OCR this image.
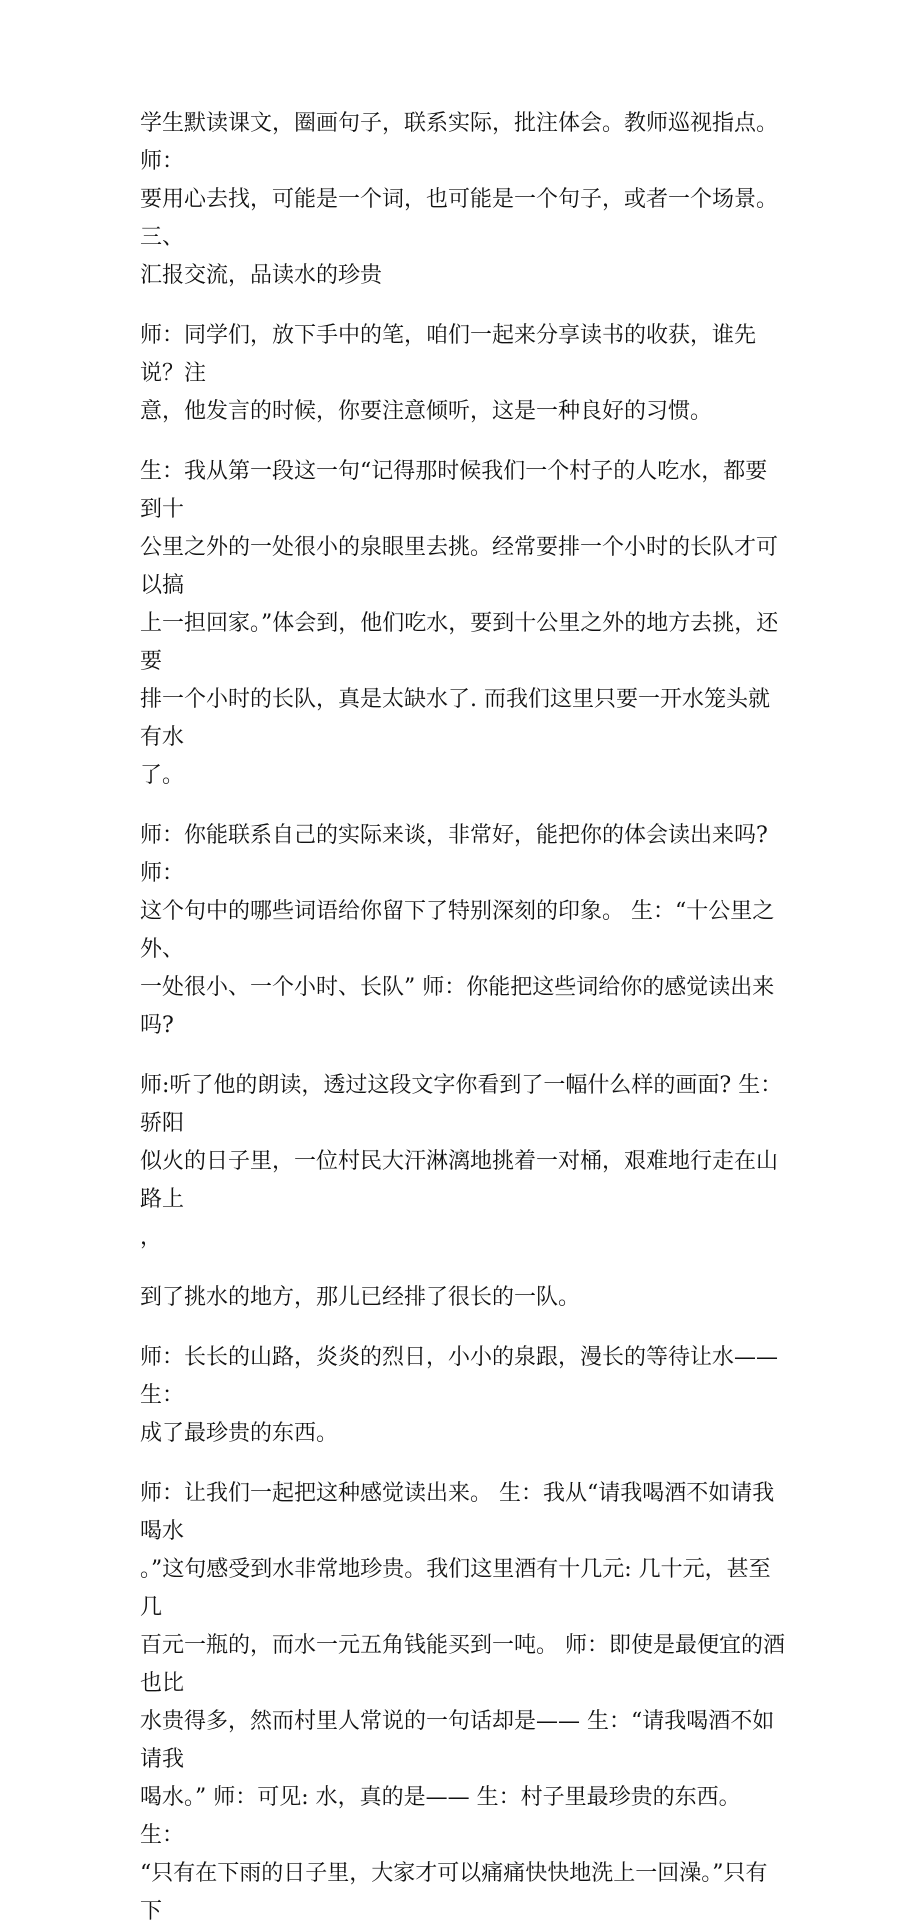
学生默读课文，圈画句子，联系实际，批注体会。教师巡视指点。 师：
要用心去找，可能是一个词，也可能是一个句子，或者一个场景。 三、
汇报交流，品读水的珍贵

师：同学们，放下手中的笔，咱们一起来分享读书的收获，谁先说？注
意，他发言的时候，你要注意倾听，这是一种良好的习惯。

生：我从第一段这一句“记得那时候我们一个村子的人吃水，都要到十
公里之外的一处很小的泉眼里去挑。经常要排一个小时的长队才可以搞
上一担回家。”体会到，他们吃水，要到十公里之外的地方去挑，还要
排一个小时的长队，真是太缺水了. 而我们这里只要一开水笼头就有水
了。

师：你能联系自己的实际来谈，非常好，能把你的体会读出来吗? 师：
这个句中的哪些词语给你留下了特别深刻的印象。 生：“十公里之外、
一处很小、一个小时、长队” 师：你能把这些词给你的感觉读出来吗?

师:听了他的朗读，透过这段文字你看到了一幅什么样的画面? 生：骄阳
似火的日子里，一位村民大汗淋漓地挑着一对桶，艰难地行走在山路上
，

到了挑水的地方，那儿已经排了很长的一队。

师：长长的山路，炎炎的烈日，小小的泉跟，漫长的等待让水—— 生：
成了最珍贵的东西。

师：让我们一起把这种感觉读出来。 生：我从“请我喝酒不如请我喝水
。”这句感受到水非常地珍贵。我们这里酒有十几元: 几十元，甚至几
百元一瓶的，而水一元五角钱能买到一吨。 师：即使是最便宜的酒也比
水贵得多，然而村里人常说的一句话却是—— 生：“请我喝酒不如请我
喝水。” 师：可见: 水，真的是—— 生：村子里最珍贵的东西。 生：
“只有在下雨的日子里，大家才可以痛痛快快地洗上一回澡。”只有下
